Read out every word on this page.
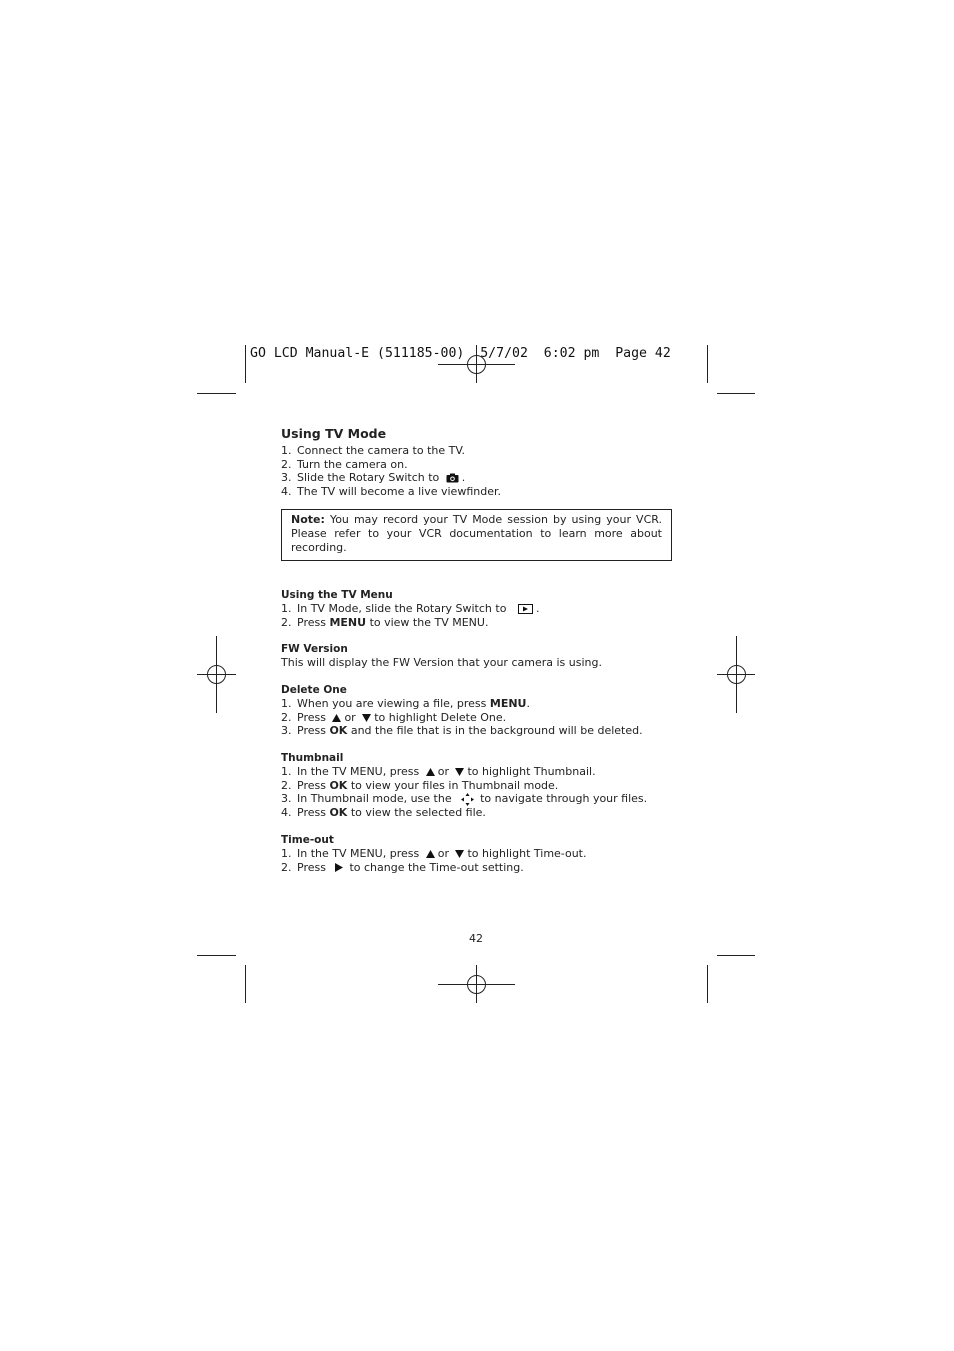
GO LCD Manual-E (511185-00)  5/7/02  6:02 pm  Page 42
Using TV Mode
1. Connect the camera to the TV.
2. Turn the camera on.
3. Slide the Rotary Switch to .
4. The TV will become a live viewfinder.
Note: You may record your TV Mode session by using your VCR. Please refer to your VCR documentation to learn more about recording.
Using the TV Menu
1. In TV Mode, slide the Rotary Switch to	.
2. Press MENU to view the TV MENU.
FW Version

This will display the FW Version that your camera is using.

Delete One
1. When you are viewing a file, press MENU.
2. Press or to highlight Delete One.
3. Press OK and the file that is in the background will be deleted.
Thumbnail
1. In the TV MENU, press or to highlight Thumbnail.
2. Press OK to view your files in Thumbnail mode.
3. In Thumbnail mode, use the	to navigate through your files.
4. Press OK to view the selected file.
Time-out
1. In the TV MENU, press or to highlight Time-out.
2. Press to change the Time-out setting.
42
